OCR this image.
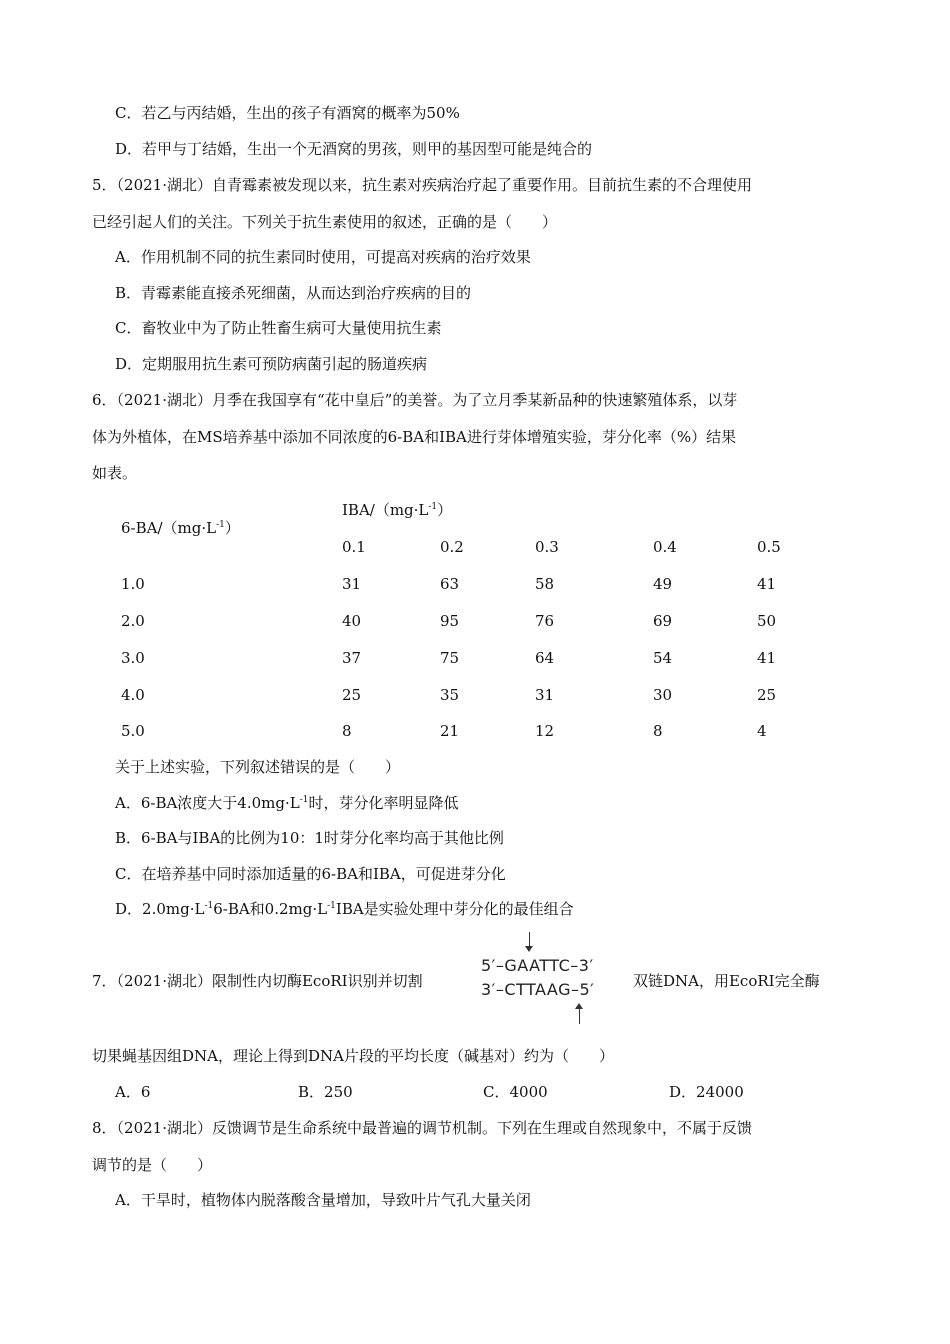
C．若乙与丙结婚，生出的孩子有酒窝的概率为50%
D．若甲与丁结婚，生出一个无酒窝的男孩，则甲的基因型可能是纯合的
5．（2021·湖北）自青霉素被发现以来，抗生素对疾病治疗起了重要作用。目前抗生素的不合理使用
已经引起人们的关注。下列关于抗生素使用的叙述，正确的是（　　）
A．作用机制不同的抗生素同时使用，可提高对疾病的治疗效果
B．青霉素能直接杀死细菌，从而达到治疗疾病的目的
C．畜牧业中为了防止牲畜生病可大量使用抗生素
D．定期服用抗生素可预防病菌引起的肠道疾病
6．（2021·湖北）月季在我国享有“花中皇后”的美誉。为了立月季某新品种的快速繁殖体系，以芽
体为外植体，在MS培养基中添加不同浓度的6-BA和IBA进行芽体增殖实验，芽分化率（%）结果
如表。
$6-BA/(mg\cdot L^{-1})$
IBA/$(mg\cdot L^{-1})$
0.1	0.2	0.3	0.4	0.5
1.0	31	63	58	49	41
2.0	40	95	76	69	50
3.0	37	75	64	54	41
4.0	25	35	31	30	25
5.0	8	21	12	8	4
关于上述实验，下列叙述错误的是（　　）
A．6-BA浓度大于$4.0mg\cdot L^{-1}$时，芽分化率明显降低
B．6-BA与IBA的比例为10：1时芽分化率均高于其他比例
C．在培养基中同时添加适量的6-BA和IBA，可促进芽分化
D．$2.0mg\cdot L^{-1}6-BA$和$0.2mg\cdot L^{-1}IBA$是实验处理中芽分化的最佳组合
7．（2021·湖北）限制性内切酶EcoRI识别并切割
5′–GAATTC–3′
3′–CTTAAG–5′	双链DNA，用EcoRI完全酶
切果蝇基因组DNA，理论上得到DNA片段的平均长度（碱基对）约为（　　）
A．6	B．250	C．4000	D．24000
8．（2021·湖北）反馈调节是生命系统中最普遍的调节机制。下列在生理或自然现象中，不属于反馈
调节的是（　　）
A．干旱时，植物体内脱落酸含量增加，导致叶片气孔大量关闭
